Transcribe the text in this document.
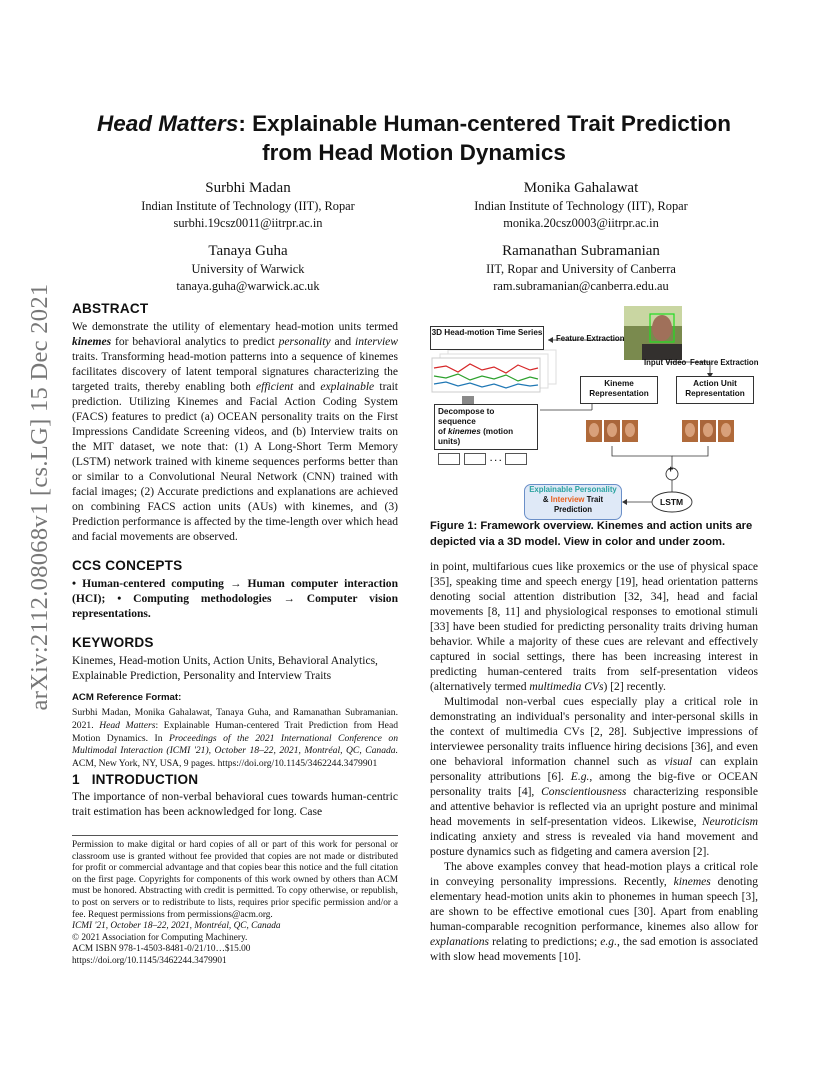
arXiv:2112.08068v1 [cs.LG] 15 Dec 2021
Head Matters: Explainable Human-centered Trait Prediction
from Head Motion Dynamics
Surbhi Madan
Indian Institute of Technology (IIT), Ropar
surbhi.19csz0011@iitrpr.ac.in
Monika Gahalawat
Indian Institute of Technology (IIT), Ropar
monika.20csz0003@iitrpr.ac.in
Tanaya Guha
University of Warwick
tanaya.guha@warwick.ac.uk
Ramanathan Subramanian
IIT, Ropar and University of Canberra
ram.subramanian@canberra.edu.au
ABSTRACT

We demonstrate the utility of elementary head-motion units termed kinemes for behavioral analytics to predict personality and interview traits. Transforming head-motion patterns into a sequence of kinemes facilitates discovery of latent temporal signatures characterizing the targeted traits, thereby enabling both efficient and explainable trait prediction. Utilizing Kinemes and Facial Action Coding System (FACS) features to predict (a) OCEAN personality traits on the First Impressions Candidate Screening videos, and (b) Interview traits on the MIT dataset, we note that: (1) A Long-Short Term Memory (LSTM) network trained with kineme sequences performs better than or similar to a Convolutional Neural Network (CNN) trained with facial images; (2) Accurate predictions and explanations are achieved on combining FACS action units (AUs) with kinemes, and (3) Prediction performance is affected by the time-length over which head and facial movements are observed.

CCS CONCEPTS

• Human-centered computing → Human computer interaction (HCI); • Computing methodologies → Computer vision representations.

KEYWORDS

Kinemes, Head-motion Units, Action Units, Behavioral Analytics, Explainable Prediction, Personality and Interview Traits

ACM Reference Format:

Surbhi Madan, Monika Gahalawat, Tanaya Guha, and Ramanathan Subramanian. 2021. Head Matters: Explainable Human-centered Trait Prediction from Head Motion Dynamics. In Proceedings of the 2021 International Conference on Multimodal Interaction (ICMI '21), October 18–22, 2021, Montréal, QC, Canada. ACM, New York, NY, USA, 9 pages. https://doi.org/10.1145/3462244.3479901

1   INTRODUCTION

The importance of non-verbal behavioral cues towards human-centric trait estimation has been acknowledged for long. Case

Permission to make digital or hard copies of all or part of this work for personal or classroom use is granted without fee provided that copies are not made or distributed for profit or commercial advantage and that copies bear this notice and the full citation on the first page. Copyrights for components of this work owned by others than ACM must be honored. Abstracting with credit is permitted. To copy otherwise, or republish, to post on servers or to redistribute to lists, requires prior specific permission and/or a fee. Request permissions from permissions@acm.org.

ICMI '21, October 18–22, 2021, Montréal, QC, Canada

© 2021 Association for Computing Machinery.

ACM ISBN 978-1-4503-8481-0/21/10…$15.00

https://doi.org/10.1145/3462244.3479901

3D Head-motion Time Series
Feature Extraction
Input Video Feature Extraction
Kineme Representation
Action Unit Representation
Decompose to sequence
of kinemes (motion units)
. . .
+
LSTM
Explainable Personality
& Interview Trait
Prediction
Figure 1: Framework overview. Kinemes and action units are depicted via a 3D model. View in color and under zoom.

in point, multifarious cues like proxemics or the use of physical space [35], speaking time and speech energy [19], head orientation patterns denoting social attention distribution [32, 34], head and facial movements [8, 11] and physiological responses to emotional stimuli [33] have been studied for predicting personality traits driving human behavior. While a majority of these cues are relevant and effectively captured in social settings, there has been increasing interest in predicting human-centered traits from self-presentation videos (alternatively termed multimedia CVs) [2] recently.

Multimodal non-verbal cues especially play a critical role in demonstrating an individual's personality and inter-personal skills in the context of multimedia CVs [2, 28]. Subjective impressions of interviewee personality traits influence hiring decisions [36], and even one behavioral information channel such as visual can explain personality attributions [6]. E.g., among the big-five or OCEAN personality traits [4], Conscientiousness characterizing responsible and attentive behavior is reflected via an upright posture and minimal head movements in self-presentation videos. Likewise, Neuroticism indicating anxiety and stress is revealed via hand movement and posture dynamics such as fidgeting and camera aversion [2].

The above examples convey that head-motion plays a critical role in conveying personality impressions. Recently, kinemes denoting elementary head-motion units akin to phonemes in human speech [3], are shown to be effective emotional cues [30]. Apart from enabling human-comparable recognition performance, kinemes also allow for explanations relating to predictions; e.g., the sad emotion is associated with slow head movements [10].
